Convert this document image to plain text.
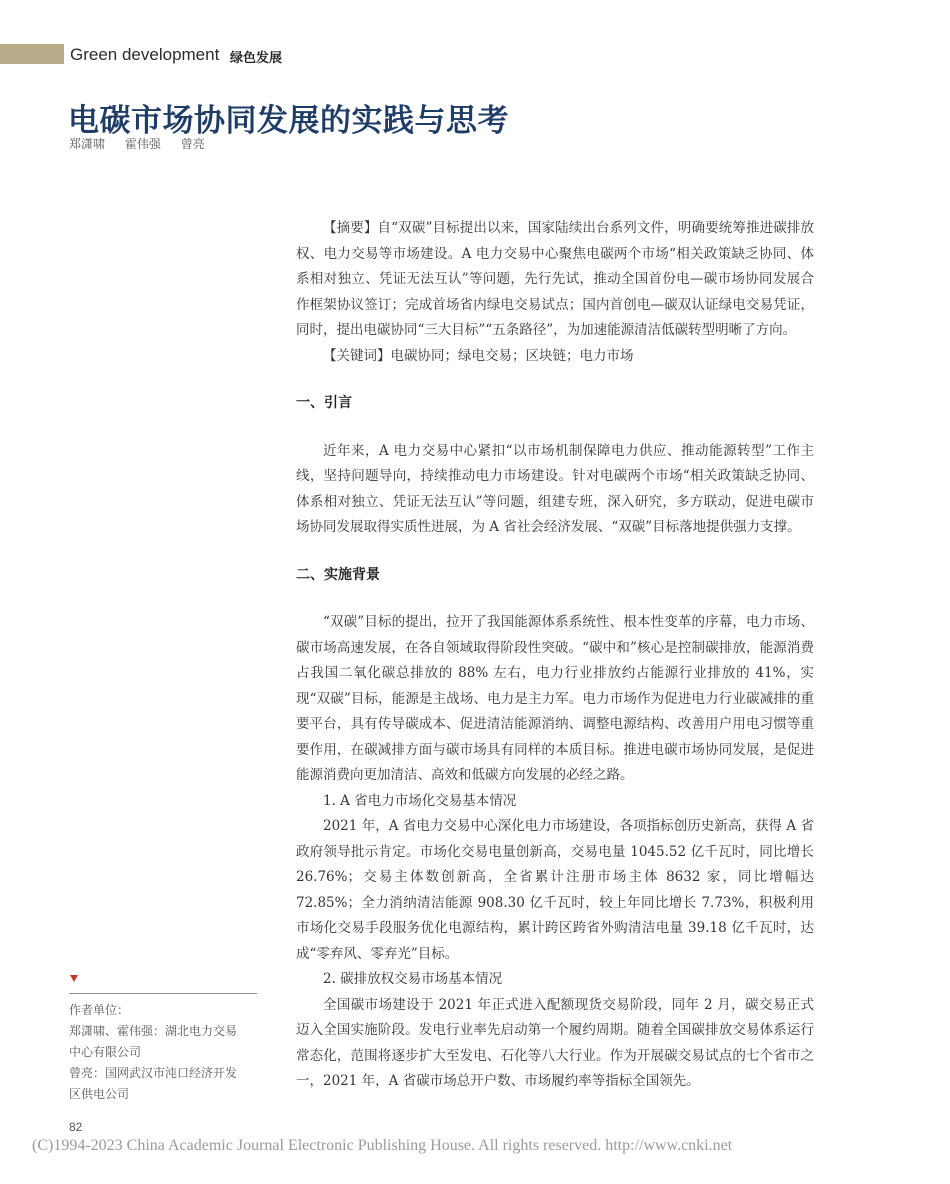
Green development 绿色发展
电碳市场协同发展的实践与思考
郑潇啸 霍伟强 曾亮

【摘要】自“双碳”目标提出以来，国家陆续出台系列文件，明确要统筹推进碳排放权、电力交易等市场建设。A 电力交易中心聚焦电碳两个市场“相关政策缺乏协同、体系相对独立、凭证无法互认”等问题，先行先试，推动全国首份电—碳市场协同发展合作框架协议签订；完成首场省内绿电交易试点；国内首创电—碳双认证绿电交易凭证，同时，提出电碳协同“三大目标”“五条路径”，为加速能源清洁低碳转型明晰了方向。

【关键词】电碳协同；绿电交易；区块链；电力市场

一、引言

近年来，A 电力交易中心紧扣“以市场机制保障电力供应、推动能源转型”工作主线，坚持问题导向，持续推动电力市场建设。针对电碳两个市场“相关政策缺乏协同、体系相对独立、凭证无法互认”等问题，组建专班，深入研究，多方联动，促进电碳市场协同发展取得实质性进展，为 A 省社会经济发展、“双碳”目标落地提供强力支撑。

二、实施背景

“双碳”目标的提出，拉开了我国能源体系系统性、根本性变革的序幕，电力市场、碳市场高速发展，在各自领域取得阶段性突破。“碳中和”核心是控制碳排放，能源消费占我国二氧化碳总排放的 88% 左右，电力行业排放约占能源行业排放的 41%，实现“双碳”目标，能源是主战场、电力是主力军。电力市场作为促进电力行业碳减排的重要平台，具有传导碳成本、促进清洁能源消纳、调整电源结构、改善用户用电习惯等重要作用，在碳减排方面与碳市场具有同样的本质目标。推进电碳市场协同发展，是促进能源消费向更加清洁、高效和低碳方向发展的必经之路。

1. A 省电力市场化交易基本情况

2021 年，A 省电力交易中心深化电力市场建设，各项指标创历史新高，获得 A 省政府领导批示肯定。市场化交易电量创新高，交易电量 1045.52 亿千瓦时，同比增长 26.76%；交易主体数创新高，全省累计注册市场主体 8632 家，同比增幅达 72.85%；全力消纳清洁能源 908.30 亿千瓦时，较上年同比增长 7.73%，积极利用市场化交易手段服务优化电源结构，累计跨区跨省外购清洁电量 39.18 亿千瓦时，达成“零弃风、零弃光”目标。

2. 碳排放权交易市场基本情况

全国碳市场建设于 2021 年正式进入配额现货交易阶段，同年 2 月，碳交易正式迈入全国实施阶段。发电行业率先启动第一个履约周期。随着全国碳排放交易体系运行常态化，范围将逐步扩大至发电、石化等八大行业。作为开展碳交易试点的七个省市之一，2021 年，A 省碳市场总开户数、市场履约率等指标全国领先。

作者单位：
郑潇啸、霍伟强：湖北电力交易
中心有限公司
曾亮：国网武汉市沌口经济开发
区供电公司
82
(C)1994-2023 China Academic Journal Electronic Publishing House. All rights reserved. http://www.cnki.net
